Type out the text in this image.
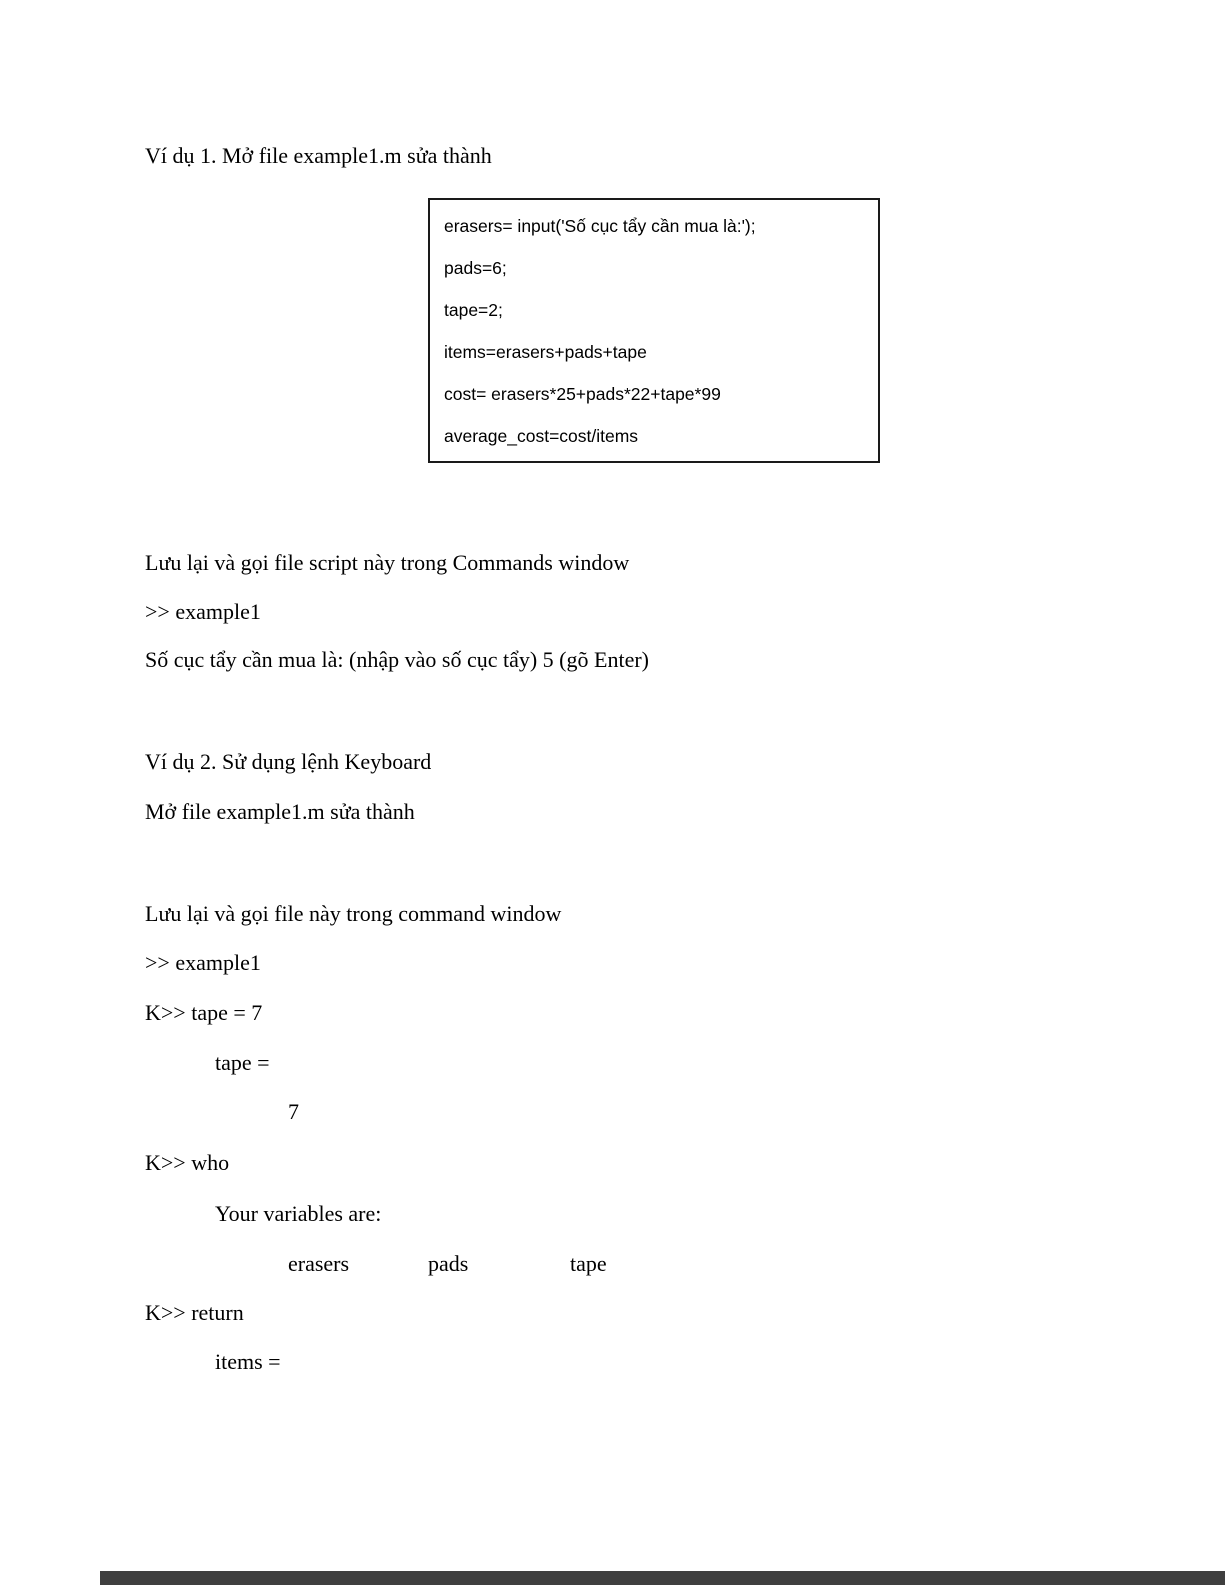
Ví dụ 1. Mở file example1.m sửa thành

erasers= input('Số cục tẩy cần mua là:');
pads=6;
tape=2;
items=erasers+pads+tape
cost= erasers*25+pads*22+tape*99
average_cost=cost/items

Lưu lại và gọi file script này trong Commands window

>> example1

Số cục tẩy cần mua là: (nhập vào số cục tẩy) 5 (gõ Enter)

Ví dụ 2. Sử dụng lệnh Keyboard

Mở file example1.m sửa thành

Lưu lại và gọi file này trong command window

>> example1

K>> tape = 7

tape =

7

K>> who

Your variables are:

erasers	pads	tape

K>> return

items =
